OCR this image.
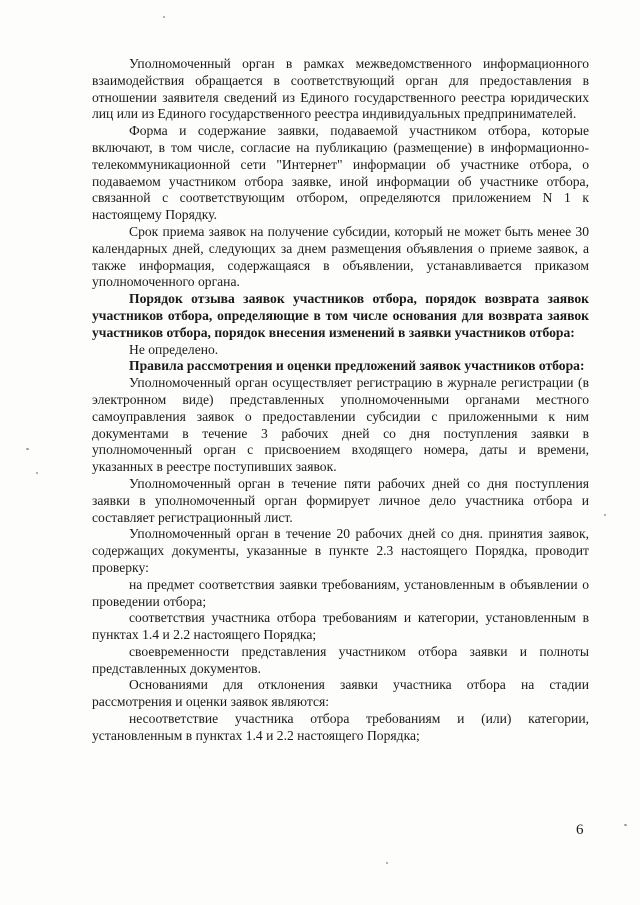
Уполномоченный орган в рамках межведомственного информационного взаимодействия обращается в соответствующий орган для предоставления в отношении заявителя сведений из Единого государственного реестра юридических лиц или из Единого государственного реестра индивидуальных предпринимателей.

Форма и содержание заявки, подаваемой участником отбора, которые включают, в том числе, согласие на публикацию (размещение) в информационно-телекоммуникационной сети "Интернет" информации об участнике отбора, о подаваемом участником отбора заявке, иной информации об участнике отбора, связанной с соответствующим отбором, определяются приложением N 1 к настоящему Порядку.

Срок приема заявок на получение субсидии, который не может быть менее 30 календарных дней, следующих за днем размещения объявления о приеме заявок, а также информация, содержащаяся в объявлении, устанавливается приказом уполномоченного органа.

Порядок отзыва заявок участников отбора, порядок возврата заявок участников отбора, определяющие в том числе основания для возврата заявок участников отбора, порядок внесения изменений в заявки участников отбора:

Не определено.

Правила рассмотрения и оценки предложений заявок участников отбора:

Уполномоченный орган осуществляет регистрацию в журнале регистрации (в электронном виде) представленных уполномоченными органами местного самоуправления заявок о предоставлении субсидии с приложенными к ним документами в течение 3 рабочих дней со дня поступления заявки в уполномоченный орган с присвоением входящего номера, даты и времени, указанных в реестре поступивших заявок.

Уполномоченный орган в течение пяти рабочих дней со дня поступления заявки в уполномоченный орган формирует личное дело участника отбора и составляет регистрационный лист.

Уполномоченный орган в течение 20 рабочих дней со дня. принятия заявок, содержащих документы, указанные в пункте 2.3 настоящего Порядка, проводит проверку:

на предмет соответствия заявки требованиям, установленным в объявлении о проведении отбора;

соответствия участника отбора требованиям и категории, установленным в пунктах 1.4 и 2.2 настоящего Порядка;

своевременности представления участником отбора заявки и полноты представленных документов.

Основаниями для отклонения заявки участника отбора на стадии рассмотрения и оценки заявок являются:

несоответствие участника отбора требованиям и (или) категории, установленным в пунктах 1.4 и 2.2 настоящего Порядка;

6
